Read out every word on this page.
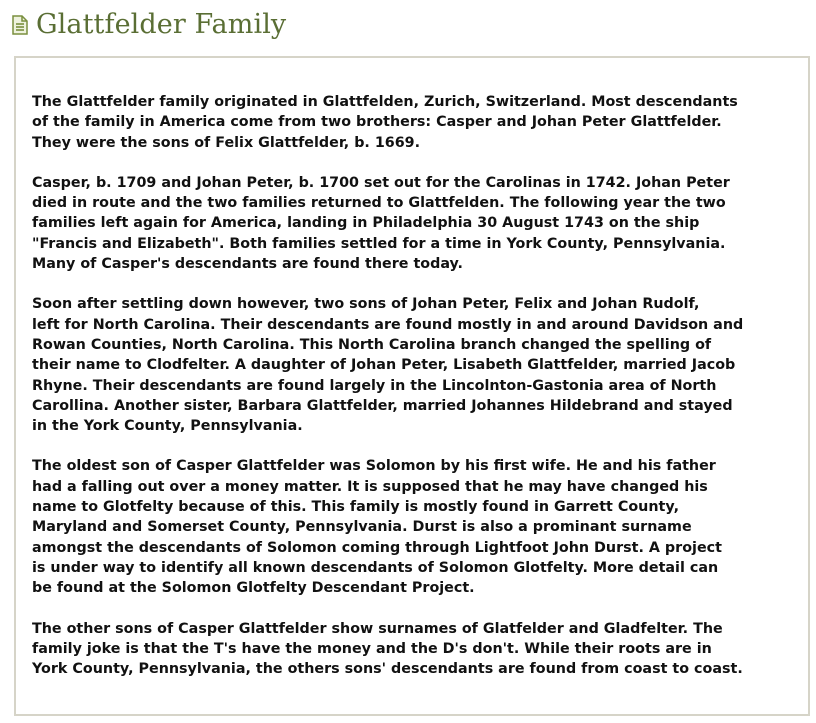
Glattfelder Family

The Glattfelder family originated in Glattfelden, Zurich, Switzerland. Most descendants
of the family in America come from two brothers: Casper and Johan Peter Glattfelder.
They were the sons of Felix Glattfelder, b. 1669.

Casper, b. 1709 and Johan Peter, b. 1700 set out for the Carolinas in 1742. Johan Peter
died in route and the two families returned to Glattfelden. The following year the two
families left again for America, landing in Philadelphia 30 August 1743 on the ship
"Francis and Elizabeth". Both families settled for a time in York County, Pennsylvania.
Many of Casper's descendants are found there today.

Soon after settling down however, two sons of Johan Peter, Felix and Johan Rudolf,
left for North Carolina. Their descendants are found mostly in and around Davidson and
Rowan Counties, North Carolina. This North Carolina branch changed the spelling of
their name to Clodfelter. A daughter of Johan Peter, Lisabeth Glattfelder, married Jacob
Rhyne. Their descendants are found largely in the Lincolnton-Gastonia area of North
Carollina. Another sister, Barbara Glattfelder, married Johannes Hildebrand and stayed
in the York County, Pennsylvania.

The oldest son of Casper Glattfelder was Solomon by his first wife. He and his father
had a falling out over a money matter. It is supposed that he may have changed his
name to Glotfelty because of this. This family is mostly found in Garrett County,
Maryland and Somerset County, Pennsylvania. Durst is also a prominant surname
amongst the descendants of Solomon coming through Lightfoot John Durst. A project
is under way to identify all known descendants of Solomon Glotfelty. More detail can
be found at the Solomon Glotfelty Descendant Project.

The other sons of Casper Glattfelder show surnames of Glatfelder and Gladfelter. The
family joke is that the T's have the money and the D's don't. While their roots are in
York County, Pennsylvania, the others sons' descendants are found from coast to coast.
